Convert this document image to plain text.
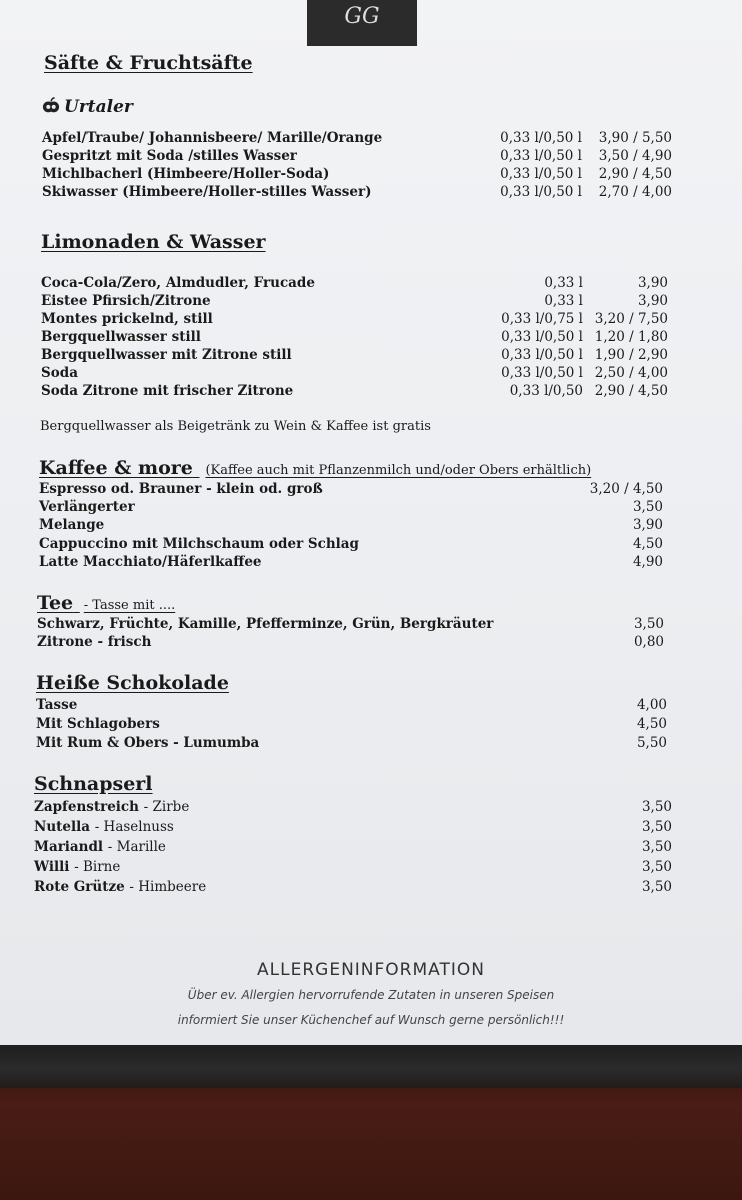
GG
Säfte & Fruchtsäfte
Urtaler
Apfel/Traube/ Johannisbeere/ Marille/Orange	0,33 l/0,50 l 3,90 / 5,50
Gespritzt mit Soda /stilles Wasser	0,33 l/0,50 l 3,50 / 4,90
Michlbacherl (Himbeere/Holler-Soda)	0,33 l/0,50 l 2,90 / 4,50
Skiwasser (Himbeere/Holler-stilles Wasser)	0,33 l/0,50 l 2,70 / 4,00
Limonaden & Wasser
Coca-Cola/Zero, Almdudler, Frucade	0,33 l	3,90
Eistee Pfirsich/Zitrone	0,33 l	3,90
Montes prickelnd, still	0,33 l/0,75 l 3,20 / 7,50
Bergquellwasser still	0,33 l/0,50 l 1,20 / 1,80
Bergquellwasser mit Zitrone still	0,33 l/0,50 l 1,90 / 2,90
Soda	0,33 l/0,50 l 2,50 / 4,00
Soda Zitrone mit frischer Zitrone	0,33 l/0,50 2,90 / 4,50
Bergquellwasser als Beigetränk zu Wein & Kaffee ist gratis
Kaffee & more (Kaffee auch mit Pflanzenmilch und/oder Obers erhältlich)
Espresso od. Brauner - klein od. groß	3,20 / 4,50
Verlängerter	3,50
Melange	3,90
Cappuccino mit Milchschaum oder Schlag	4,50
Latte Macchiato/Häferlkaffee	4,90
Tee - Tasse mit ....
Schwarz, Früchte, Kamille, Pfefferminze, Grün, Bergkräuter	3,50
Zitrone - frisch	0,80
Heiße Schokolade
Tasse	4,00
Mit Schlagobers	4,50
Mit Rum & Obers - Lumumba	5,50
Schnapserl
Zapfenstreich - Zirbe	3,50
Nutella - Haselnuss	3,50
Mariandl - Marille	3,50
Willi - Birne	3,50
Rote Grütze - Himbeere	3,50
ALLERGENINFORMATION
Über ev. Allergien hervorrufende Zutaten in unseren Speisen
informiert Sie unser Küchenchef auf Wunsch gerne persönlich!!!
